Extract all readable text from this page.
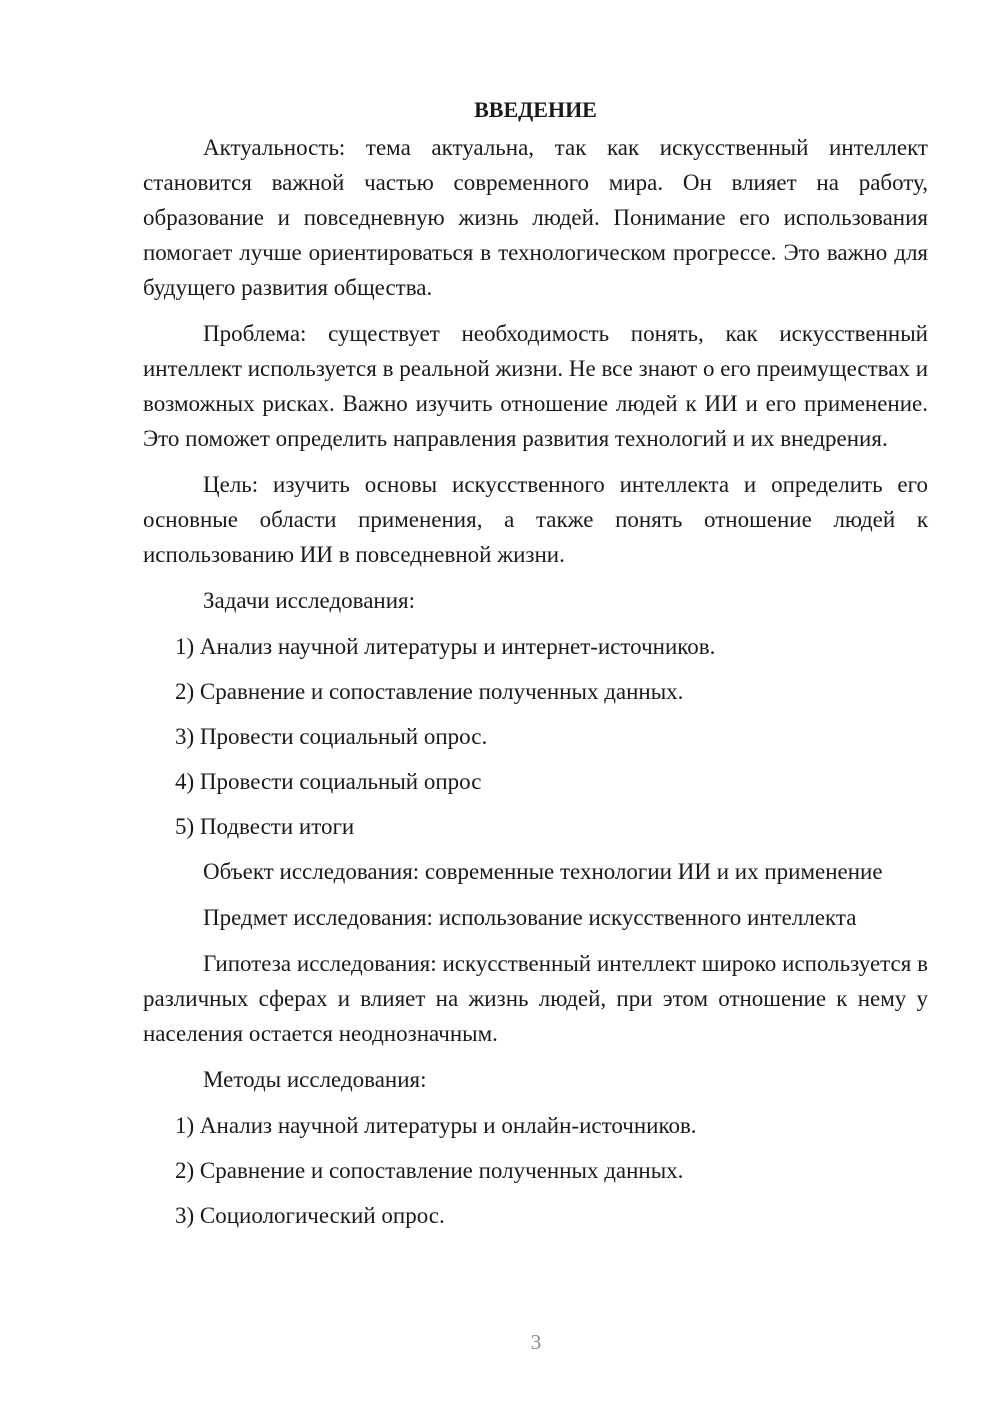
ВВЕДЕНИЕ

Актуальность: тема актуальна, так как искусственный интеллект становится важной частью современного мира. Он влияет на работу, образование и повседневную жизнь людей. Понимание его использования помогает лучше ориентироваться в технологическом прогрессе. Это важно для будущего развития общества.

Проблема: существует необходимость понять, как искусственный интеллект используется в реальной жизни. Не все знают о его преимуществах и возможных рисках. Важно изучить отношение людей к ИИ и его применение. Это поможет определить направления развития технологий и их внедрения.

Цель: изучить основы искусственного интеллекта и определить его основные области применения, а также понять отношение людей к использованию ИИ в повседневной жизни.

Задачи исследования:

1) Анализ научной литературы и интернет-источников.
2) Сравнение и сопоставление полученных данных.
3) Провести социальный опрос.
4) Провести социальный опрос
5) Подвести итоги

Объект исследования: современные технологии ИИ и их применение

Предмет исследования: использование искусственного интеллекта

Гипотеза исследования: искусственный интеллект широко используется в различных сферах и влияет на жизнь людей, при этом отношение к нему у населения остается неоднозначным.

Методы исследования:

1) Анализ научной литературы и онлайн-источников.
2) Сравнение и сопоставление полученных данных.
3) Социологический опрос.
3
